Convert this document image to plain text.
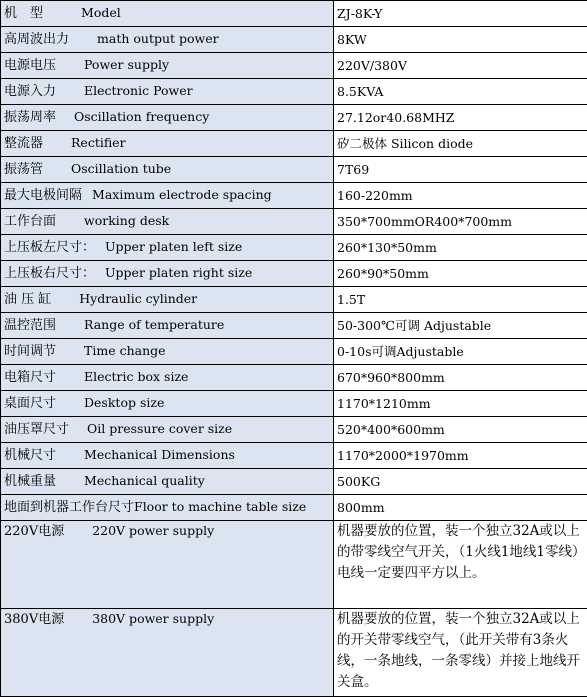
机　型 Model	ZJ-8K-Y
高周波出力 math output power	8KW
电源电压 Power supply	220V/380V
电源入力 Electronic Power	8.5KVA
振荡周率 Oscillation frequency	27.12or40.68MHZ
整流器 Rectifier	矽二极体 Silicon diode
振荡管 Oscillation tube	7T69
最大电极间隔 Maximum electrode spacing	160-220mm
工作台面 working desk	350*700mmOR400*700mm
上压板左尺寸： Upper platen left size	260*130*50mm
上压板右尺寸： Upper platen right size	260*90*50mm
油 压 缸 Hydraulic cylinder	1.5T
温控范围 Range of temperature	50-300℃可调 Adjustable
时间调节 Time change	0-10s可调Adjustable
电箱尺寸 Electric box size	670*960*800mm
桌面尺寸 Desktop size	1170*1210mm
油压罩尺寸 Oil pressure cover size	520*400*600mm
机械尺寸 Mechanical Dimensions	1170*2000*1970mm
机械重量 Mechanical quality	500KG
地面到机器工作台尺寸Floor to machine table size	800mm
220V电源 220V power supply	机器要放的位置，装一个独立32A或以上的带零线空气开关，（1火线1地线1零线）电线一定要四平方以上。
380V电源 380V power supply	机器要放的位置，装一个独立32A或以上的开关带零线空气，（此开关带有3条火线，一条地线，一条零线）并接上地线开关盒。
